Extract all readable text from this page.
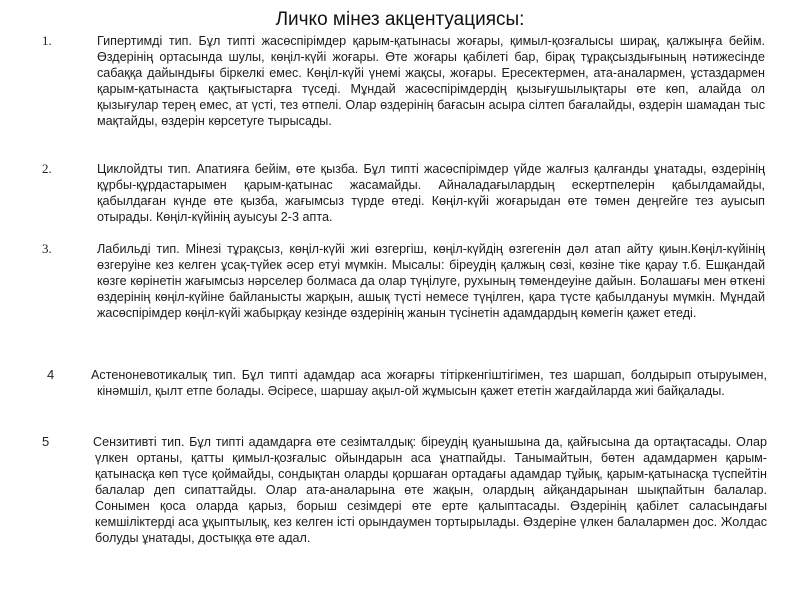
Личко мінез акцентуациясы:
1.	Гипертимді тип. Бұл типті жасөспірімдер қарым-қатынасы жоғары, қимыл-қозғалысы ширақ, қалжыңға бейім. Өздерінің ортасында шулы, көңіл-күйі жоғары. Өте жоғары қабілеті бар, бірақ тұрақсыздығының нәтижесінде сабаққа дайындығы біркелкі емес. Көңіл-күйі үнемі жақсы, жоғары. Ересектермен, ата-аналармен, ұстаздармен қарым-қатынаста қақтығыстарға түседі. Мұндай жасөспірімдердің қызығушылықтары өте көп, алайда ол қызығулар терең емес, ат үсті, тез өтпелі. Олар өздерінің бағасын асыра сілтеп бағалайды, өздерін шамадан тыс мақтайды, өздерін көрсетуге тырысады.
2.	Циклойдты тип. Апатияға бейім, өте қызба. Бұл типті жасөспірімдер үйде жалғыз қалғанды ұнатады, өздерінің құрбы-құрдастарымен қарым-қатынас жасамайды. Айналадағылардың ескертпелерін қабылдамайды, қабылдаған күнде өте қызба, жағымсыз түрде өтеді. Көңіл-күйі жоғарыдан өте төмен деңгейге тез ауысып отырады. Көңіл-күйінің ауысуы 2-3 апта.
3.	Лабильді тип. Мінезі тұрақсыз, көңіл-күйі жиі өзгергіш, көңіл-күйдің өзгегенін дәл атап айту қиын.Көңіл-күйінің өзгеруіне кез келген ұсақ-түйек әсер етуі мүмкін. Мысалы: біреудің қалжың сөзі, көзіне тіке қарау т.б. Ешқандай көзге көрінетін жағымсыз нәрселер болмаса да олар түңілуге, рухының төмендеуіне дайын. Болашағы мен өткені өздерінің көңіл-күйіне байланысты жарқын, ашық түсті немесе түңілген, қара түсте қабылдануы мүмкін. Мұндай жасөспірімдер көңіл-күйі жабырқау кезінде өздерінің жанын түсінетін адамдардың көмегін қажет етеді.
4	Астеноневотикалық тип. Бұл типті адамдар аса жоғарғы тітіркенгіштігімен, тез шаршап, болдырып отыруымен, кінәмшіл, қылт етпе болады. Әсіресе, шаршау ақыл-ой жұмысын қажет ететін жағдайларда жиі байқалады.
5	Сензитивті тип. Бұл типті адамдарға өте сезімталдық: біреудің қуанышына да, қайғысына да ортақтасады. Олар үлкен ортаны, қатты қимыл-қозғалыс ойындарын аса ұнатпайды. Танымайтын, бөтен адамдармен қарым-қатынасқа көп түсе қоймайды, сондықтан оларды қоршаған ортадағы адамдар тұйық, қарым-қатынасқа түспейтін балалар деп сипаттайды. Олар ата-аналарына өте жақын, олардың айқандарынан шықпайтын балалар. Сонымен қоса оларда қарыз, борыш сезімдері өте ерте қалыптасады. Өздерінің қабілет саласындағы кемшіліктерді аса ұқыптылық, кез келген істі орындаумен тортырылады. Өздеріне үлкен балалармен дос. Жолдас болуды ұнатады, достыққа өте адал.
